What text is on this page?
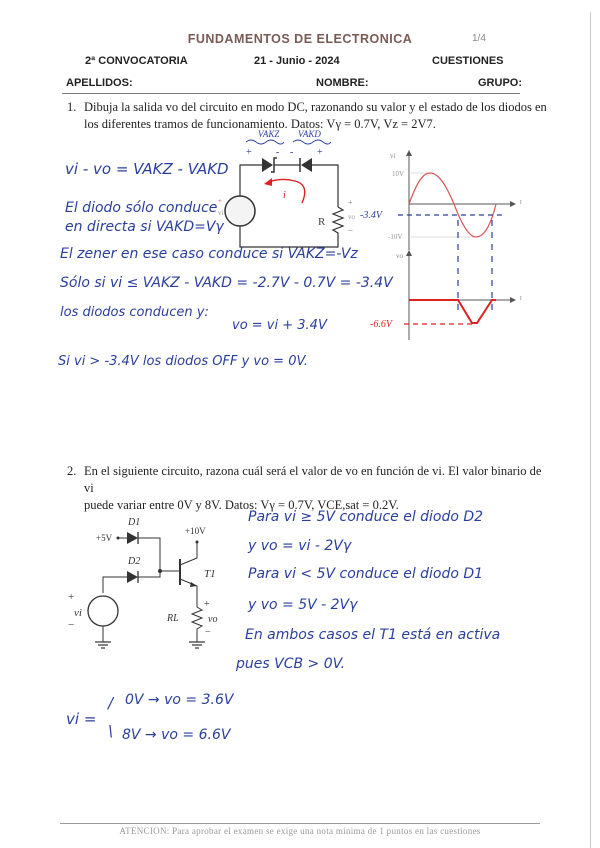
FUNDAMENTOS DE ELECTRONICA	1/4
2ª CONVOCATORIA	21 - Junio - 2024	CUESTIONES
APELLIDOS:	NOMBRE:	GRUPO:
1. Dibuja la salida vo del circuito en modo DC, razonando su valor y el estado de los diodos en
los diferentes tramos de funcionamiento. Datos: Vγ = 0.7V, Vz = 2V7.
VAKZ VAKD
+ - - +
+
vi
R
+
vo
–
i
vi
t
10V
-10V
-3.4V
vo
t
-6.6V
vi - vo = VAKZ - VAKD
El diodo sólo conduce
en directa si VAKD=Vγ
El zener en ese caso conduce si VAKZ=-Vz
Sólo si vi ≤ VAKZ - VAKD = -2.7V - 0.7V = -3.4V
los diodos conducen y:
vo = vi + 3.4V
Si vi > -3.4V los diodos OFF y vo = 0V.
2. En el siguiente circuito, razona cuál será el valor de vo en función de vi. El valor binario de vi
puede variar entre 0V y 8V. Datos: Vγ = 0.7V, VCE,sat = 0.2V.
D1
+5V
D2
+10V
T1
RL
+
vo
−
+
vi
−
Para vi ≥ 5V conduce el diodo D2
y vo = vi - 2Vγ
Para vi < 5V conduce el diodo D1
y vo = 5V - 2Vγ
En ambos casos el T1 está en activa
pues VCB > 0V.
vi =
/
\
0V → vo = 3.6V
8V → vo = 6.6V
ATENCION: Para aprobar el examen se exige una nota mínima de 1 puntos en las cuestiones
